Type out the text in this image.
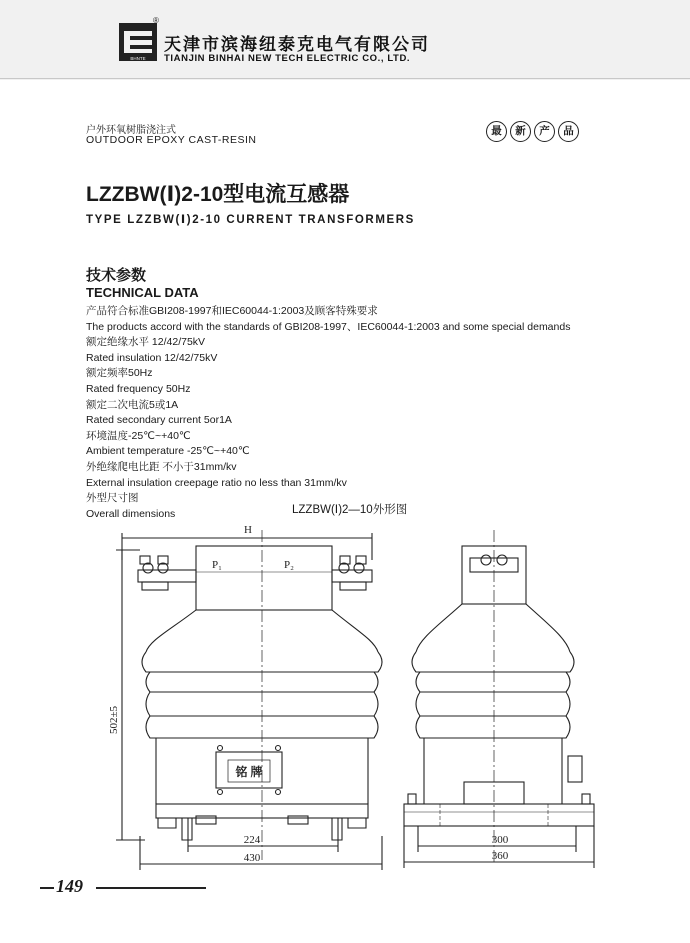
BHNTE
®
天津市滨海纽泰克电气有限公司
TIANJIN BINHAI NEW TECH ELECTRIC CO., LTD.
户外环氧树脂浇注式
OUTDOOR EPOXY CAST-RESIN
最	新	产	品
LZZBW(Ⅰ)2-10型电流互感器
TYPE LZZBW(Ⅰ)2-10 CURRENT TRANSFORMERS
技术参数
TECHNICAL DATA
产品符合标准GBI208-1997和IEC60044-1:2003及顾客特殊要求
The products accord with the standards of GBI208-1997、IEC60044-1:2003 and some special demands
额定绝缘水平 12/42/75kV
Rated insulation 12/42/75kV
额定频率50Hz
Rated frequency 50Hz
额定二次电流5或1A
Rated secondary current 5or1A
环境温度-25℃~+40℃
Ambient temperature -25℃~+40℃
外绝缘爬电比距 不小于31mm/kv
External insulation creepage ratio no less than 31mm/kv
外型尺寸图
Overall dimensions	LZZBW(Ⅰ)2—10外形图
H
P₁	P₂
502±5
铭 牌
224
430
300
360
149
